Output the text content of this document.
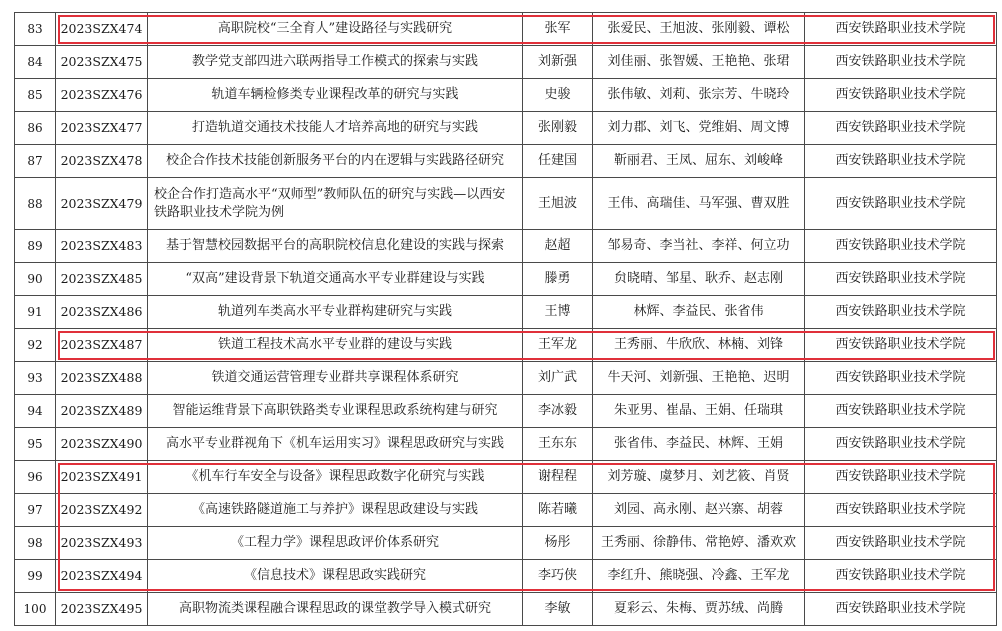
83	2023SZX474	高职院校“三全育人”建设路径与实践研究	张军	张爱民、王旭波、张刚毅、谭松	西安铁路职业技术学院
84	2023SZX475	教学党支部四进六联两指导工作模式的探索与实践	刘新强	刘佳丽、张智媛、王艳艳、张珺	西安铁路职业技术学院
85	2023SZX476	轨道车辆检修类专业课程改革的研究与实践	史骏	张伟敏、刘莉、张宗芳、牛晓玲	西安铁路职业技术学院
86	2023SZX477	打造轨道交通技术技能人才培养高地的研究与实践	张刚毅	刘力郡、刘飞、党维娟、周文博	西安铁路职业技术学院
87	2023SZX478	校企合作技术技能创新服务平台的内在逻辑与实践路径研究	任建国	靳丽君、王凤、屈东、刘峻峰	西安铁路职业技术学院
88	2023SZX479	校企合作打造高水平“双师型”教师队伍的研究与实践—以西安铁路职业技术学院为例	王旭波	王伟、高瑞佳、马军强、曹双胜	西安铁路职业技术学院
89	2023SZX483	基于智慧校园数据平台的高职院校信息化建设的实践与探索	赵超	邹易奇、李当社、李祥、何立功	西安铁路职业技术学院
90	2023SZX485	“双高”建设背景下轨道交通高水平专业群建设与实践	滕勇	贠晓晴、邹星、耿乔、赵志刚	西安铁路职业技术学院
91	2023SZX486	轨道列车类高水平专业群构建研究与实践	王博	林辉、李益民、张省伟	西安铁路职业技术学院
92	2023SZX487	铁道工程技术高水平专业群的建设与实践	王军龙	王秀丽、牛欣欣、林楠、刘锋	西安铁路职业技术学院
93	2023SZX488	铁道交通运营管理专业群共享课程体系研究	刘广武	牛天河、刘新强、王艳艳、迟明	西安铁路职业技术学院
94	2023SZX489	智能运维背景下高职铁路类专业课程思政系统构建与研究	李冰毅	朱亚男、崔晶、王娟、任瑞琪	西安铁路职业技术学院
95	2023SZX490	高水平专业群视角下《机车运用实习》课程思政研究与实践	王东东	张省伟、李益民、林辉、王娟	西安铁路职业技术学院
96	2023SZX491	《机车行车安全与设备》课程思政数字化研究与实践	谢程程	刘芳璇、虞梦月、刘艺筱、肖贤	西安铁路职业技术学院
97	2023SZX492	《高速铁路隧道施工与养护》课程思政建设与实践	陈若曦	刘园、高永刚、赵兴寨、胡蓉	西安铁路职业技术学院
98	2023SZX493	《工程力学》课程思政评价体系研究	杨彤	王秀丽、徐静伟、常艳婷、潘欢欢	西安铁路职业技术学院
99	2023SZX494	《信息技术》课程思政实践研究	李巧侠	李红升、熊晓强、冷鑫、王军龙	西安铁路职业技术学院
100	2023SZX495	高职物流类课程融合课程思政的课堂教学导入模式研究	李敏	夏彩云、朱梅、贾苏绒、尚腾	西安铁路职业技术学院
